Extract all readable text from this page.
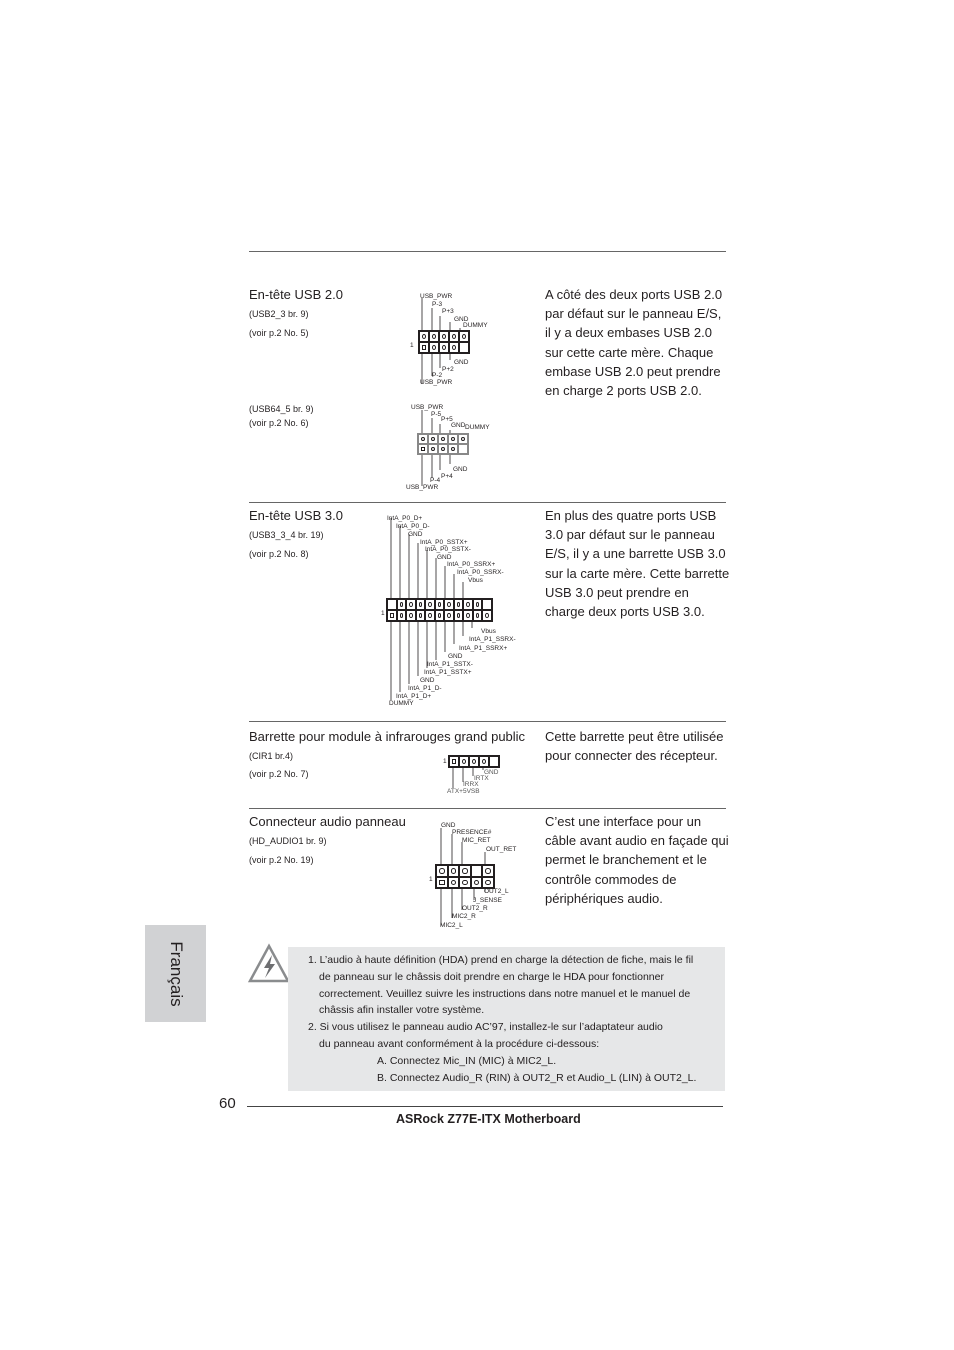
En-tête USB 2.0
(USB2_3 br. 9)
(voir p.2 No. 5)
(USB64_5 br. 9)
(voir p.2 No. 6)
A côté des deux ports USB 2.0
par défaut sur le panneau E/S,
il y a deux embases USB 2.0
sur cette carte mère. Chaque
embase USB 2.0 peut prendre
en charge 2 ports USB 2.0.
1
USB_PWR
P-3
P+3
GND
DUMMY
GND
P+2
P-2
USB_PWR
USB_PWR
P-5
P+5
GND DUMMY
GND
P+4
P-4
USB_PWR
En-tête USB 3.0
(USB3_3_4 br. 19)
(voir p.2 No. 8)
En plus des quatre ports USB
3.0 par défaut sur le panneau
E/S, il y a une barrette USB 3.0
sur la carte mère. Cette barrette
USB 3.0 peut prendre en
charge deux ports USB 3.0.
IntA_P0_D+
IntA_P0_D-
GND
IntA_P0_SSTX+
IntA_P0_SSTX-
GND
IntA_P0_SSRX+
IntA_P0_SSRX-
Vbus
1
Vbus
IntA_P1_SSRX-
IntA_P1_SSRX+
GND
IntA_P1_SSTX-
IntA_P1_SSTX+
GND
IntA_P1_D-
IntA_P1_D+
DUMMY
Barrette pour module à infrarouges grand public
(CIR1 br.4)
(voir p.2 No. 7)
Cette barrette peut être utilisée
pour connecter des récepteur.
1
GND
IRTX
IRRX
ATX+5VSB
Connecteur audio panneau
(HD_AUDIO1 br. 9)
(voir p.2 No. 19)
C’est une interface pour un
câble avant audio en façade qui
permet le branchement et le
contrôle commodes de
périphériques audio.
1
GND
PRESENCE#
MIC_RET
OUT_RET
OUT2_L
J_SENSE
OUT2_R
MIC2_R
MIC2_L
1. L’audio à haute définition (HDA) prend en charge la détection de fiche, mais le fil
de panneau sur le châssis doit prendre en charge le HDA pour fonctionner
correctement. Veuillez suivre les instructions dans notre manuel et le manuel de
châssis afin installer votre système.
2. Si vous utilisez le panneau audio AC’97, installez-le sur l’adaptateur audio
du panneau avant conformément à la procédure ci-dessous:
A. Connectez Mic_IN (MIC) à MIC2_L.
B. Connectez Audio_R (RIN) à OUT2_R et Audio_L (LIN) à OUT2_L.
Français
60
ASRock Z77E-ITX Motherboard
